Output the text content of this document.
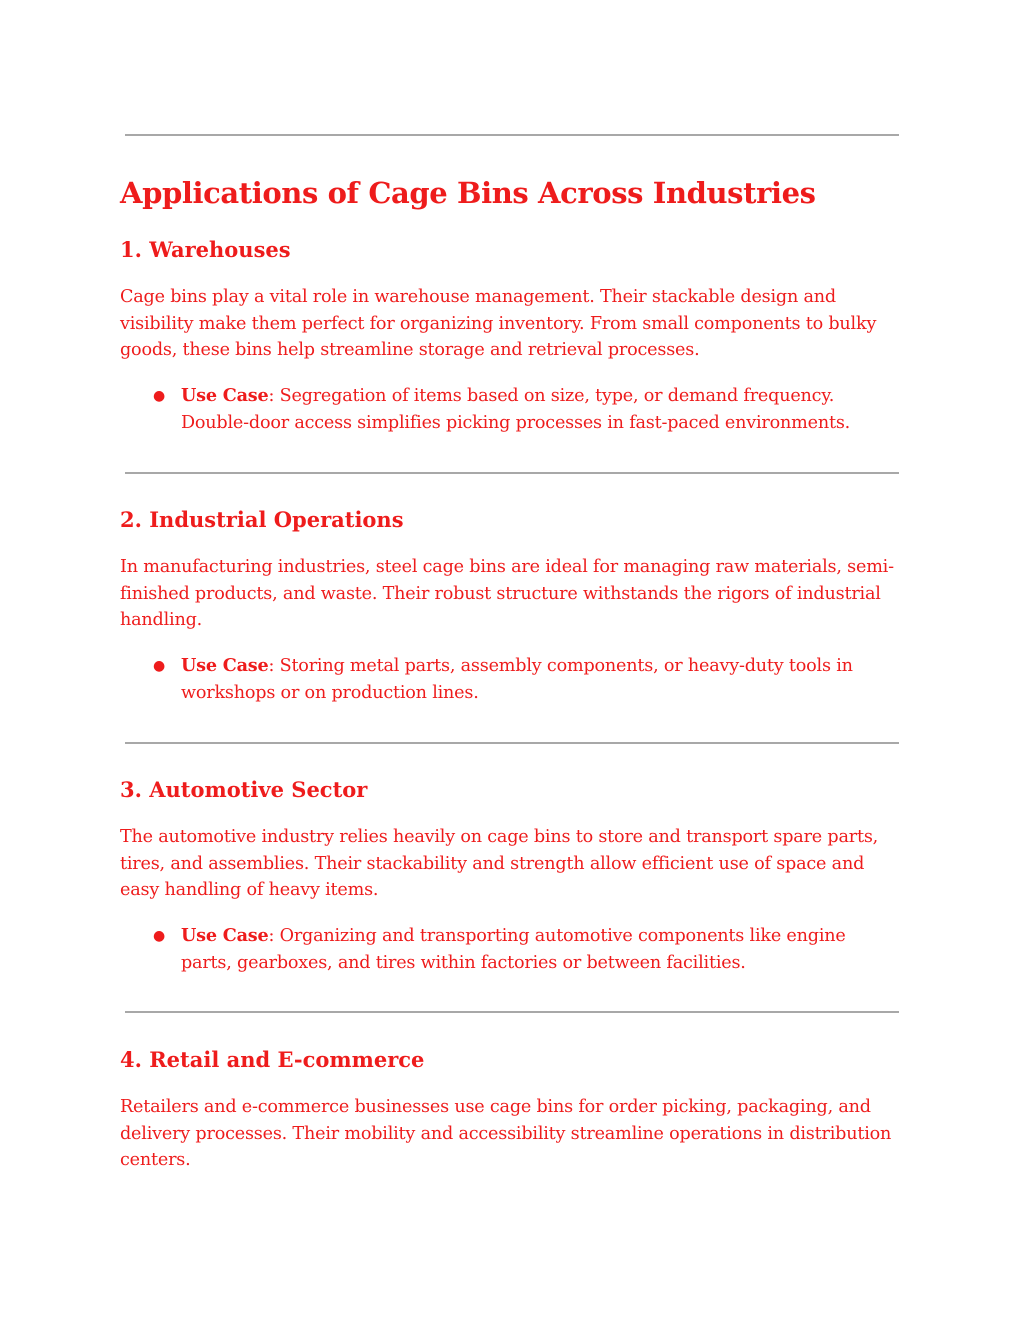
Applications of Cage Bins Across Industries
1. Warehouses

Cage bins play a vital role in warehouse management. Their stackable design and visibility make them perfect for organizing inventory. From small components to bulky goods, these bins help streamline storage and retrieval processes.

● Use Case: Segregation of items based on size, type, or demand frequency. Double-door access simplifies picking processes in fast-paced environments.
2. Industrial Operations

In manufacturing industries, steel cage bins are ideal for managing raw materials, semi-finished products, and waste. Their robust structure withstands the rigors of industrial handling.

● Use Case: Storing metal parts, assembly components, or heavy-duty tools in workshops or on production lines.
3. Automotive Sector

The automotive industry relies heavily on cage bins to store and transport spare parts, tires, and assemblies. Their stackability and strength allow efficient use of space and easy handling of heavy items.

● Use Case: Organizing and transporting automotive components like engine parts, gearboxes, and tires within factories or between facilities.
4. Retail and E-commerce

Retailers and e-commerce businesses use cage bins for order picking, packaging, and delivery processes. Their mobility and accessibility streamline operations in distribution centers.
